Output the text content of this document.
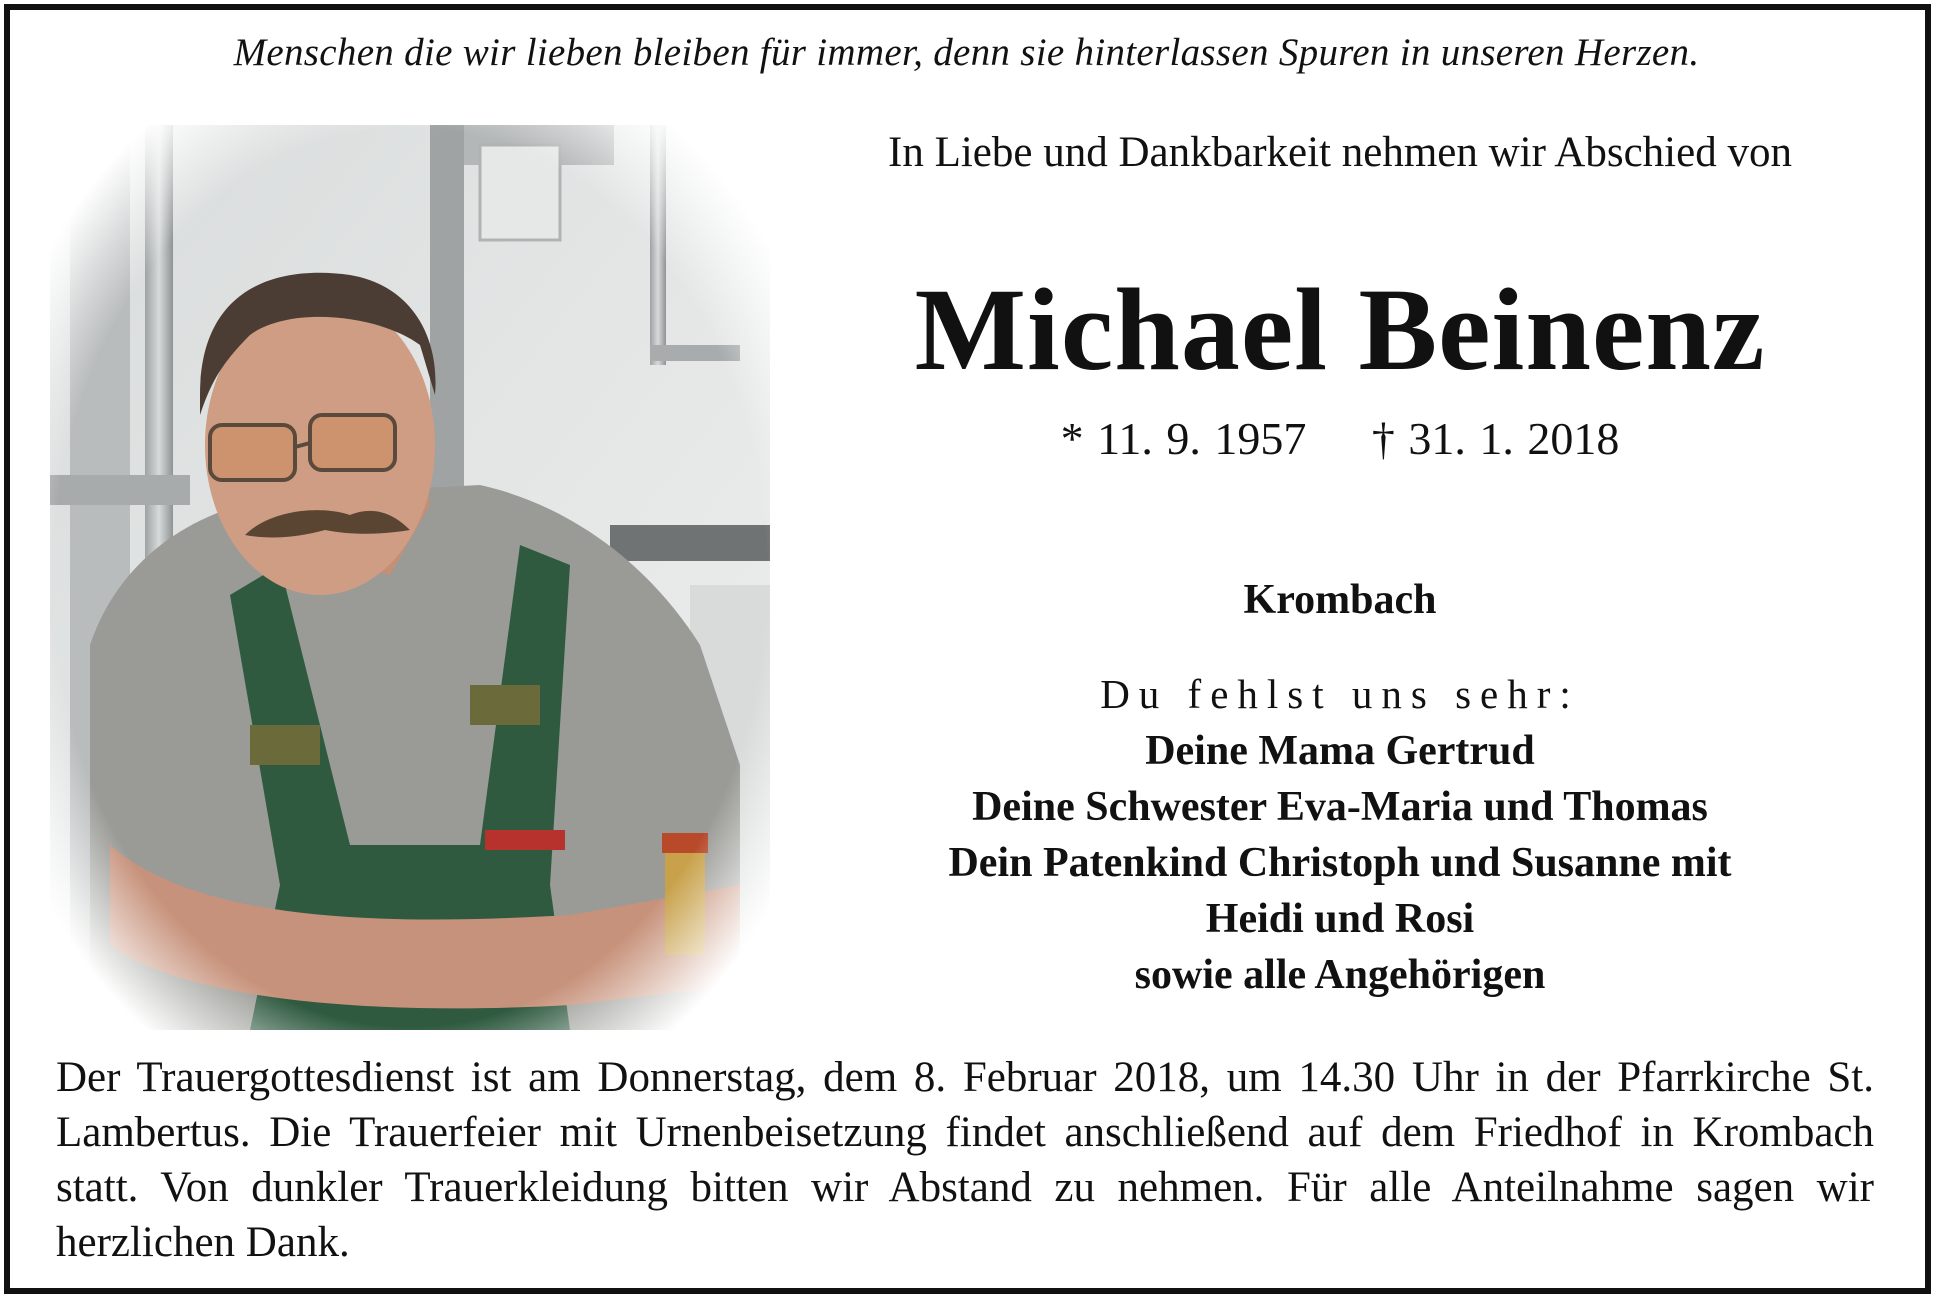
Menschen die wir lieben bleiben für immer, denn sie hinterlassen Spuren in unseren Herzen.
In Liebe und Dankbarkeit nehmen wir Abschied von
Michael Beinenz
* 11. 9. 1957 † 31. 1. 2018
Krombach
Du fehlst uns sehr:
Deine Mama Gertrud
Deine Schwester Eva-Maria und Thomas
Dein Patenkind Christoph und Susanne mit
Heidi und Rosi
sowie alle Angehörigen

Der Trauergottesdienst ist am Donnerstag, dem 8. Februar 2018, um 14.30 Uhr in der Pfarrkirche St. Lambertus. Die Trauerfeier mit Urnenbeisetzung findet anschließend auf dem Friedhof in Krombach statt. Von dunkler Trauerkleidung bitten wir Abstand zu nehmen. Für alle Anteilnahme sagen wir herzlichen Dank.
